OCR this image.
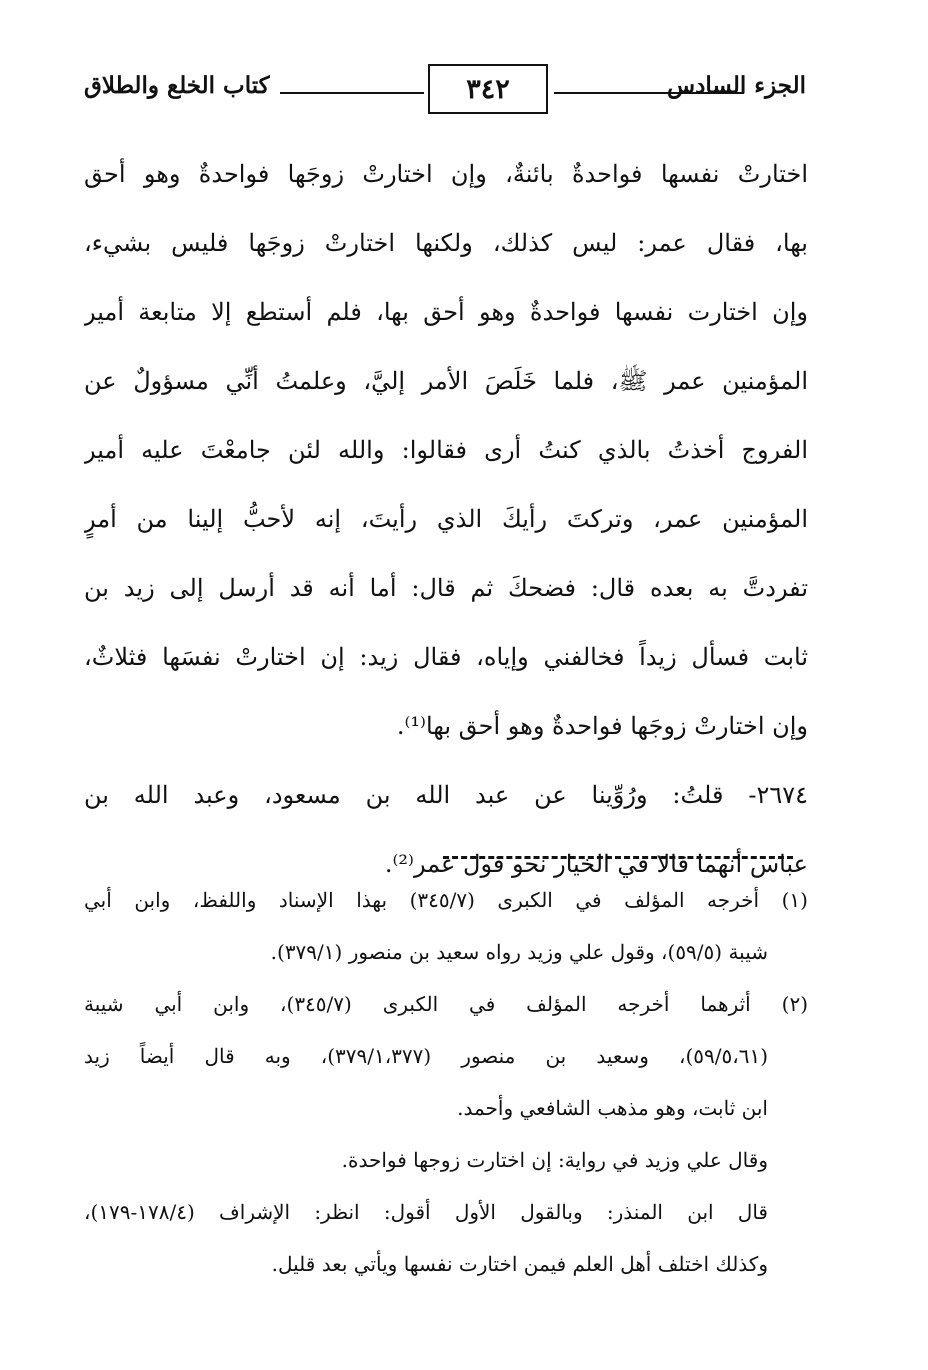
الجزء السادس
٣٤٢
كتاب الخلع والطلاق
اختارتْ نفسها فواحدةٌ بائنةٌ، وإن اختارتْ زوجَها فواحدةٌ وهو أحق
بها، فقال عمر: ليس كذلك، ولكنها اختارتْ زوجَها فليس بشيء،
وإن اختارت نفسها فواحدةٌ وهو أحق بها، فلم أستطع إلا متابعة أمير
المؤمنين عمر ﷺ، فلما خَلَصَ الأمر إليَّ، وعلمتُ أنِّي مسؤولٌ عن
الفروج أخذتُ بالذي كنتُ أرى فقالوا: والله لئن جامعْتَ عليه أمير
المؤمنين عمر، وتركتَ رأيكَ الذي رأيتَ، إنه لأحبُّ إلينا من أمرٍ
تفردتَّ به بعده قال: فضحكَ ثم قال: أما أنه قد أرسل إلى زيد بن
ثابت فسأل زيداً فخالفني وإياه، فقال زيد: إن اختارتْ نفسَها فثلاثٌ،
وإن اختارتْ زوجَها فواحدةٌ وهو أحق بها⁽¹⁾.
٢٦٧٤- قلتُ: ورُوِّينا عن عبد الله بن مسعود، وعبد الله بن
عباس أنهما قالا في الخيار نحو قول عمر⁽²⁾.
(١) أخرجه المؤلف في الكبرى (٣٤٥/٧) بهذا الإسناد واللفظ، وابن أبي
شيبة (٥٩/٥)، وقول علي وزيد رواه سعيد بن منصور (٣٧٩/١).
(٢) أثرهما أخرجه المؤلف في الكبرى (٣٤٥/٧)، وابن أبي شيبة
(٥٩/٥،٦١)، وسعيد بن منصور (٣٧٩/١،٣٧٧)، وبه قال أيضاً زيد
ابن ثابت، وهو مذهب الشافعي وأحمد.
وقال علي وزيد في رواية: إن اختارت زوجها فواحدة.
قال ابن المنذر: وبالقول الأول أقول: انظر: الإشراف (١٧٨/٤-١٧٩)،
وكذلك اختلف أهل العلم فيمن اختارت نفسها ويأتي بعد قليل.
